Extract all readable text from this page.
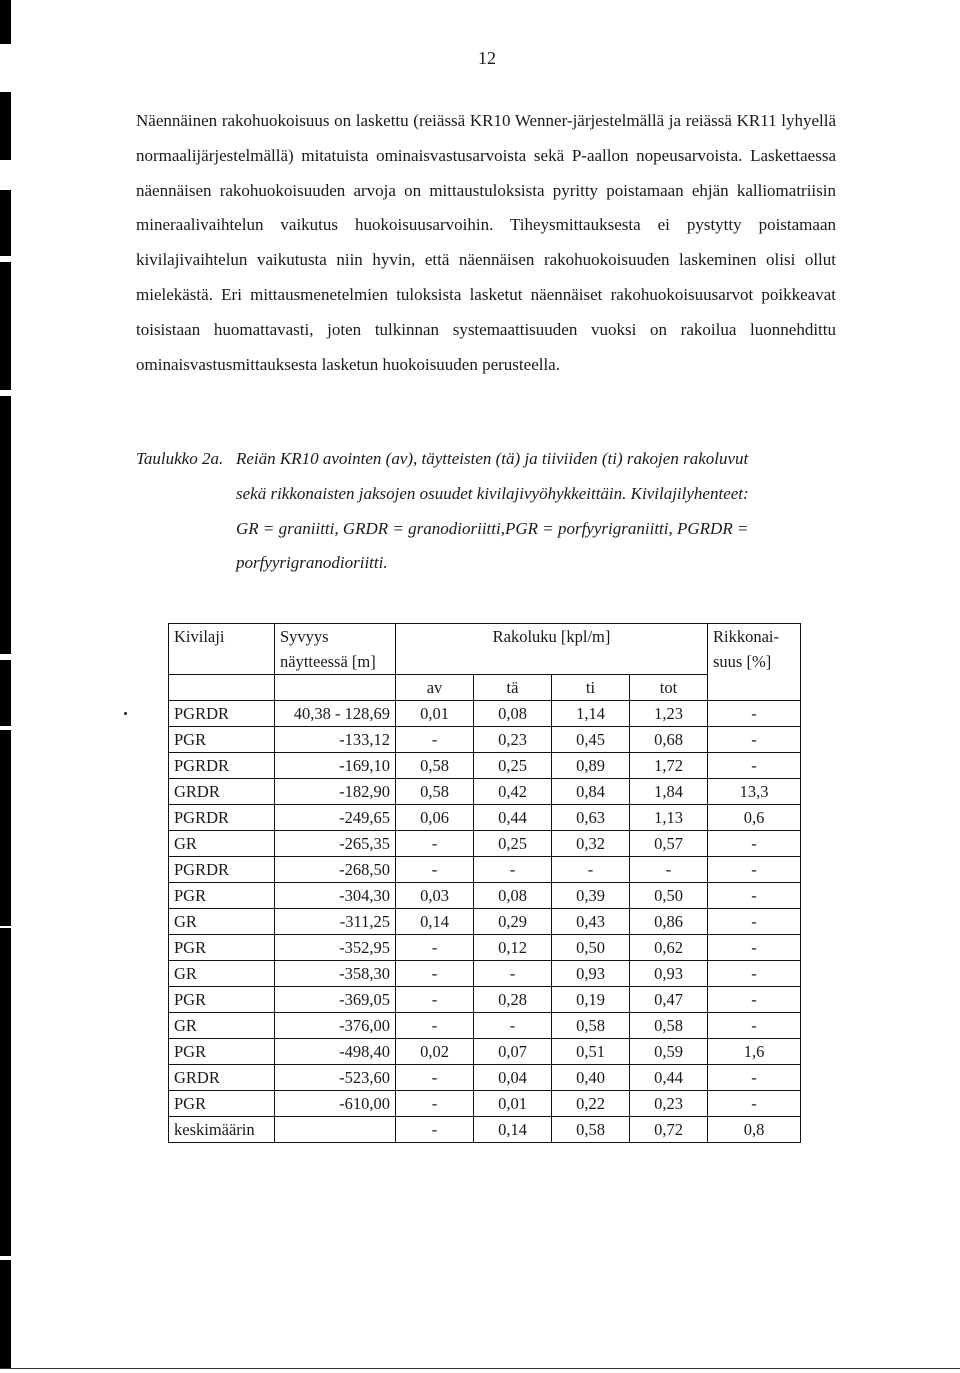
12

Näennäinen rakohuokoisuus on laskettu (reiässä KR10 Wenner-järjestelmällä ja reiässä KR11 lyhyellä normaalijärjestelmällä) mitatuista ominaisvastusarvoista sekä P-aallon nopeusarvoista. Laskettaessa näennäisen rakohuokoisuuden arvoja on mittaustuloksista pyritty poistamaan ehjän kalliomatriisin mineraalivaihtelun vaikutus huokoisuusarvoihin. Tiheysmittauksesta ei pystytty poistamaan kivilajivaihtelun vaikutusta niin hyvin, että näennäisen rakohuokoisuuden laskeminen olisi ollut mielekästä. Eri mittausmenetelmien tuloksista lasketut näennäiset rakohuokoisuusarvot poikkeavat toisistaan huomattavasti, joten tulkinnan systemaattisuuden vuoksi on rakoilua luonnehdittu ominaisvastusmittauksesta lasketun huokoisuuden perusteella.

Taulukko 2a. Reiän KR10 avointen (av), täytteisten (tä) ja tiiviiden (ti) rakojen rakoluvut
sekä rikkonaisten jaksojen osuudet kivilajivyöhykkeittäin. Kivilajilyhenteet:
GR = graniitti, GRDR = granodioriitti,PGR = porfyyrigraniitti, PGRDR =
porfyyrigranodioriitti.
Kivilaji	Syvyys
näytteessä [m]	Rakoluku [kpl/m]				Rikkonai-
suus [%]

		av	tä	ti	tot	
PGRDR	40,38 - 128,69	0,01	0,08	1,14	1,23	-
PGR	-133,12	-	0,23	0,45	0,68	-
PGRDR	-169,10	0,58	0,25	0,89	1,72	-
GRDR	-182,90	0,58	0,42	0,84	1,84	13,3
PGRDR	-249,65	0,06	0,44	0,63	1,13	0,6
GR	-265,35	-	0,25	0,32	0,57	-
PGRDR	-268,50	-	-	-	-	-
PGR	-304,30	0,03	0,08	0,39	0,50	-
GR	-311,25	0,14	0,29	0,43	0,86	-
PGR	-352,95	-	0,12	0,50	0,62	-
GR	-358,30	-	-	0,93	0,93	-
PGR	-369,05	-	0,28	0,19	0,47	-
GR	-376,00	-	-	0,58	0,58	-
PGR	-498,40	0,02	0,07	0,51	0,59	1,6
GRDR	-523,60	-	0,04	0,40	0,44	-
PGR	-610,00	-	0,01	0,22	0,23	-
keskimäärin		-	0,14	0,58	0,72	0,8
